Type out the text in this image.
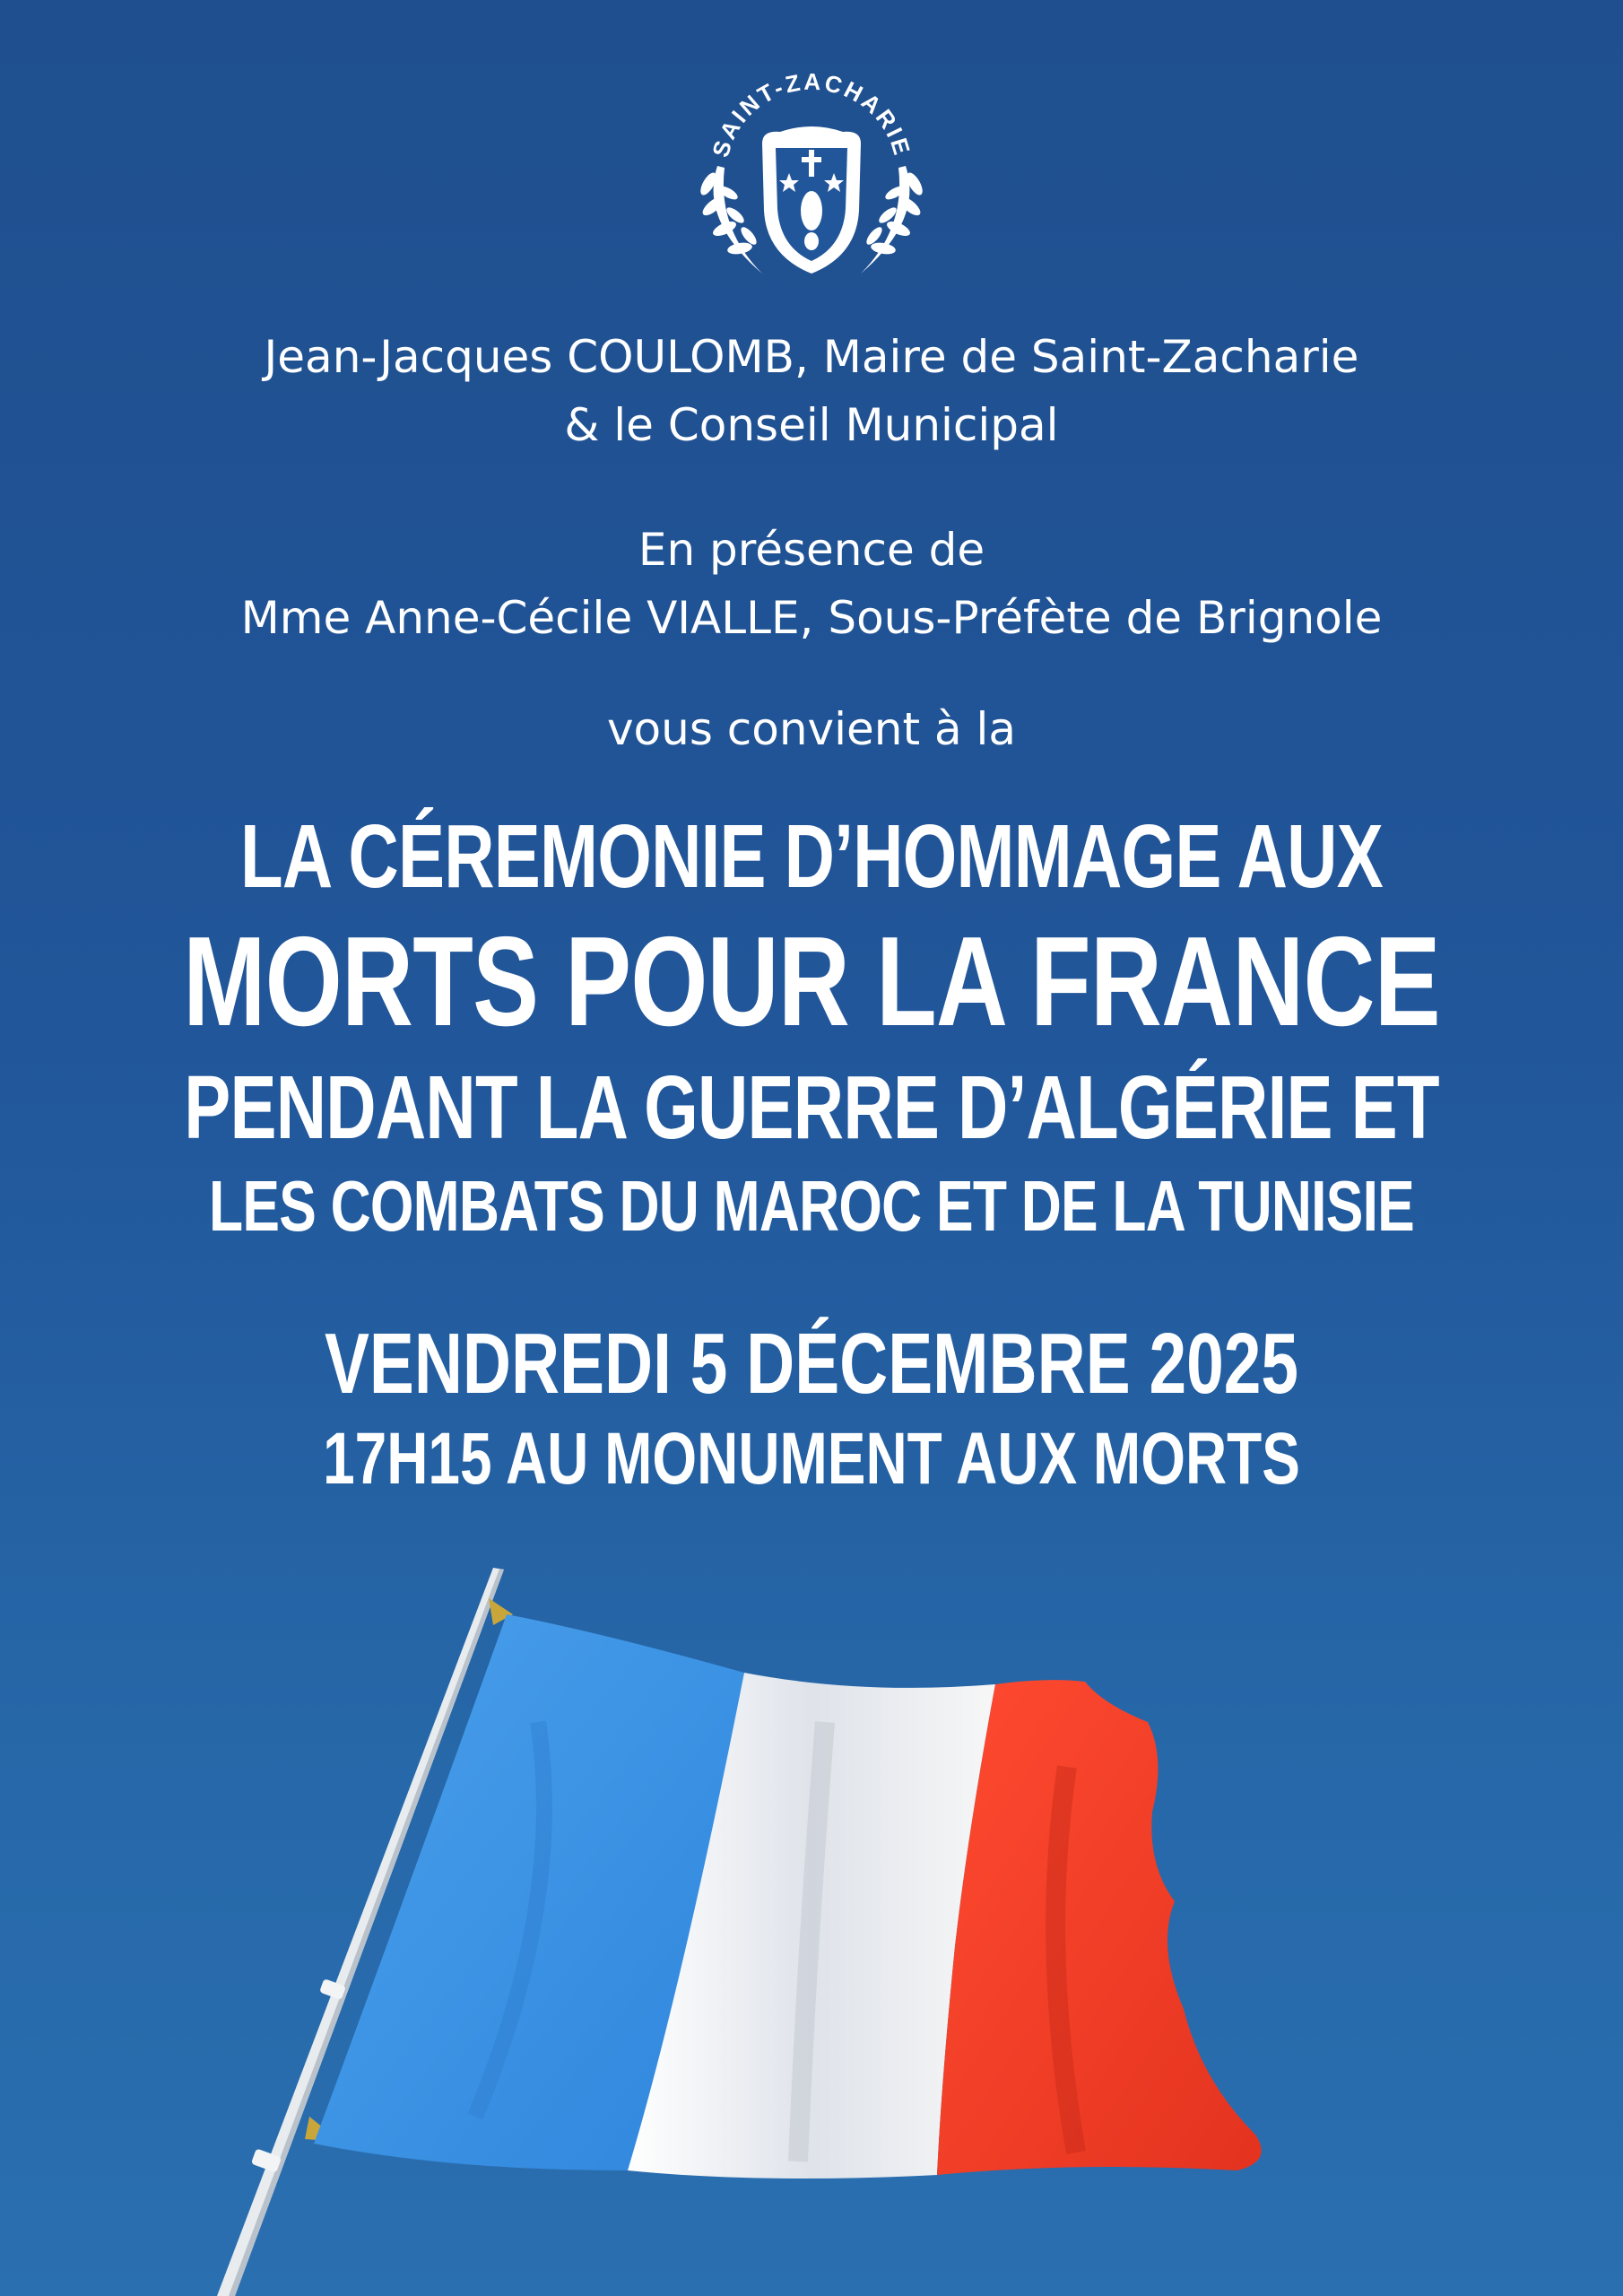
SAINT-ZACHARIE
Jean-Jacques COULOMB, Maire de Saint-Zacharie
& le Conseil Municipal
En présence de
Mme Anne-Cécile VIALLE, Sous-Préfète de Brignole
vous convient à la
LA CÉREMONIE D’HOMMAGE AUX
MORTS POUR LA FRANCE
PENDANT LA GUERRE D’ALGÉRIE ET
LES COMBATS DU MAROC ET DE LA TUNISIE
VENDREDI 5 DÉCEMBRE 2025
17H15 AU MONUMENT AUX MORTS
